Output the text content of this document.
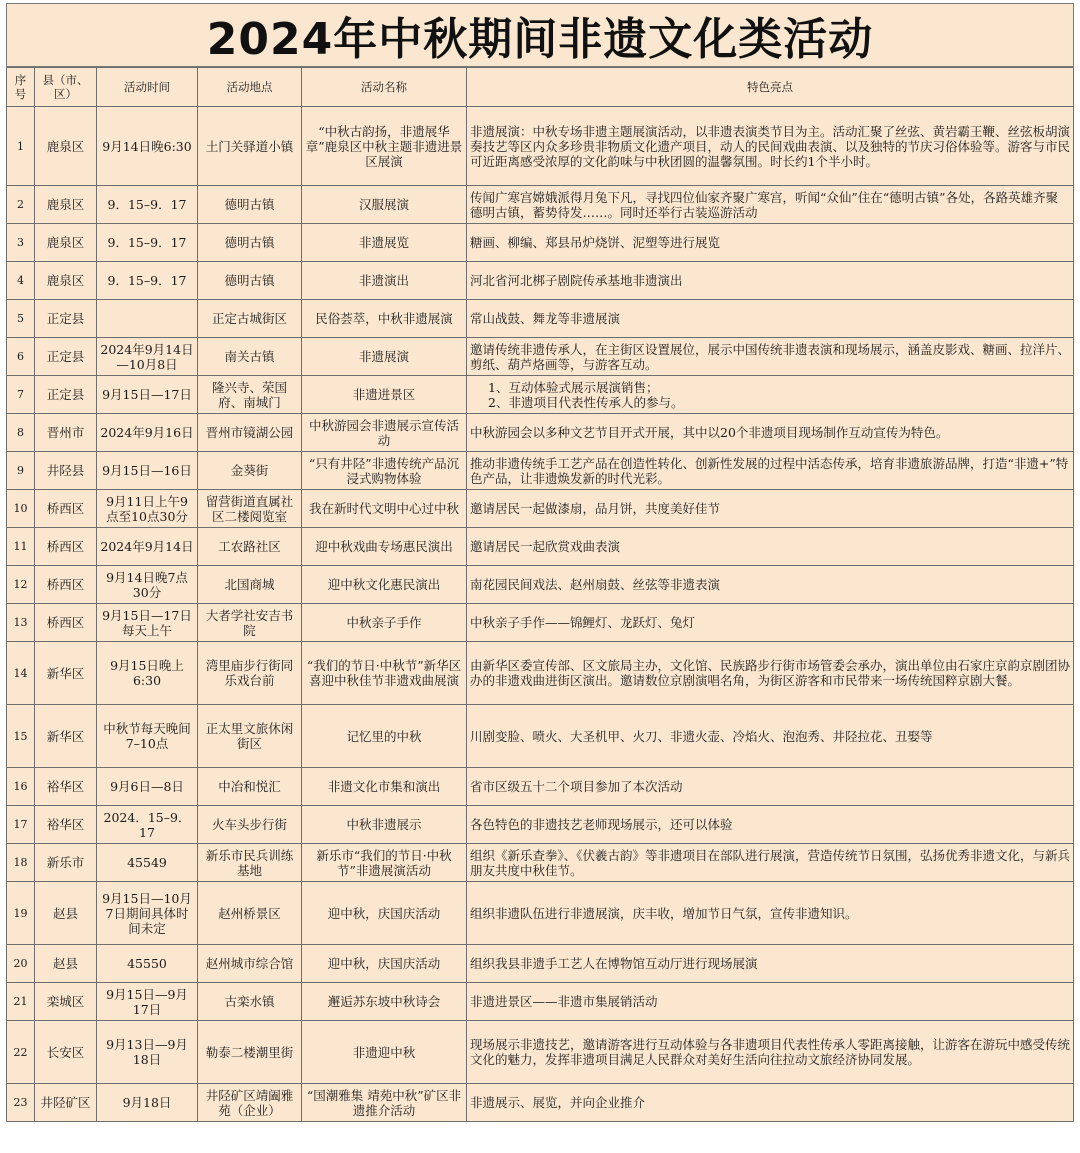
2024年中秋期间非遗文化类活动
序号	县（市、区）	活动时间	活动地点	活动名称	特色亮点
1	鹿泉区	9月14日晚6:30	土门关驿道小镇	“中秋古韵扬，非遗展华章”鹿泉区中秋主题非遗进景区展演	非遗展演：中秋专场非遗主题展演活动，以非遗表演类节目为主。活动汇聚了丝弦、黄岩霸王鞭、丝弦板胡演奏技艺等区内众多珍贵非物质文化遗产项目，动人的民间戏曲表演、以及独特的节庆习俗体验等。游客与市民可近距离感受浓厚的文化韵味与中秋团圆的温馨氛围。时长约1个半小时。

2	鹿泉区	9．15–9．17	德明古镇	汉服展演	传闻广寒宫嫦娥派得月兔下凡，寻找四位仙家齐聚广寒宫，听闻“众仙”住在“德明古镇”各处，各路英雄齐聚德明古镇，蓄势待发……。同时还举行古装巡游活动

3	鹿泉区	9．15–9．17	德明古镇	非遗展览	糖画、柳编、郑县吊炉烧饼、泥塑等进行展览

4	鹿泉区	9．15–9．17	德明古镇	非遗演出	河北省河北梆子剧院传承基地非遗演出

5	正定县		正定古城街区	民俗荟萃，中秋非遗展演	常山战鼓、舞龙等非遗展演

6	正定县	2024年9月14日—10月8日	南关古镇	非遗展演	邀请传统非遗传承人，在主街区设置展位，展示中国传统非遗表演和现场展示，涵盖皮影戏、糖画、拉洋片、剪纸、葫芦烙画等，与游客互动。

7	正定县	9月15日—17日	隆兴寺、荣国府、南城门	非遗进景区	1、互动体验式展示展演销售；
2、非遗项目代表性传承人的参与。

8	晋州市	2024年9月16日	晋州市镜湖公园	中秋游园会非遗展示宣传活动	中秋游园会以多种文艺节目开式开展，其中以20个非遗项目现场制作互动宣传为特色。

9	井陉县	9月15日—16日	金葵街	“只有井陉”非遗传统产品沉浸式购物体验	推动非遗传统手工艺产品在创造性转化、创新性发展的过程中活态传承，培育非遗旅游品牌，打造“非遗+”特色产品，让非遗焕发新的时代光彩。

10	桥西区	9月11日上午9点至10点30分	留营街道直属社区二楼阅览室	我在新时代文明中心过中秋	邀请居民一起做漆扇，品月饼，共度美好佳节

11	桥西区	2024年9月14日	工农路社区	迎中秋戏曲专场惠民演出	邀请居民一起欣赏戏曲表演

12	桥西区	9月14日晚7点30分	北国商城	迎中秋文化惠民演出	南花园民间戏法、赵州扇鼓、丝弦等非遗表演

13	桥西区	9月15日—17日每天上午	大者学社安吉书院	中秋亲子手作	中秋亲子手作——锦鲤灯、龙跃灯、兔灯

14	新华区	9月15日晚上6:30	湾里庙步行街同乐戏台前	“我们的节日·中秋节”新华区喜迎中秋佳节非遗戏曲展演	由新华区委宣传部、区文旅局主办，文化馆、民族路步行街市场管委会承办，演出单位由石家庄京韵京剧团协办的非遗戏曲进街区演出。邀请数位京剧演唱名角，为街区游客和市民带来一场传统国粹京剧大餐。

15	新华区	中秋节每天晚间7–10点	正太里文旅休闲街区	记忆里的中秋	川剧变脸、喷火、大圣机甲、火刀、非遗火壶、冷焰火、泡泡秀、井陉拉花、丑娶等

16	裕华区	9月6日—8日	中冶和悦汇	非遗文化市集和演出	省市区级五十二个项目参加了本次活动

17	裕华区	2024．15–9．17	火车头步行街	中秋非遗展示	各色特色的非遗技艺老师现场展示，还可以体验

18	新乐市	45549	新乐市民兵训练基地	新乐市“我们的节日·中秋节”非遗展演活动	组织《新乐查拳》、《伏羲古韵》等非遗项目在部队进行展演，营造传统节日氛围，弘扬优秀非遗文化，与新兵朋友共度中秋佳节。

19	赵县	9月15日—10月7日期间具体时间未定	赵州桥景区	迎中秋，庆国庆活动	组织非遗队伍进行非遗展演，庆丰收，增加节日气氛，宣传非遗知识。

20	赵县	45550	赵州城市综合馆	迎中秋，庆国庆活动	组织我县非遗手工艺人在博物馆互动厅进行现场展演

21	栾城区	9月15日—9月17日	古栾水镇	邂逅苏东坡中秋诗会	非遗进景区——非遗市集展销活动

22	长安区	9月13日—9月18日	勒泰二楼潮里街	非遗迎中秋	现场展示非遗技艺，邀请游客进行互动体验与各非遗项目代表性传承人零距离接触，让游客在游玩中感受传统文化的魅力，发挥非遗项目满足人民群众对美好生活向往拉动文旅经济协同发展。

23	井陉矿区	9月18日	井陉矿区靖阖雅苑（企业）	“国潮雅集 靖苑中秋”矿区非遗推介活动	非遗展示、展览，并向企业推介
